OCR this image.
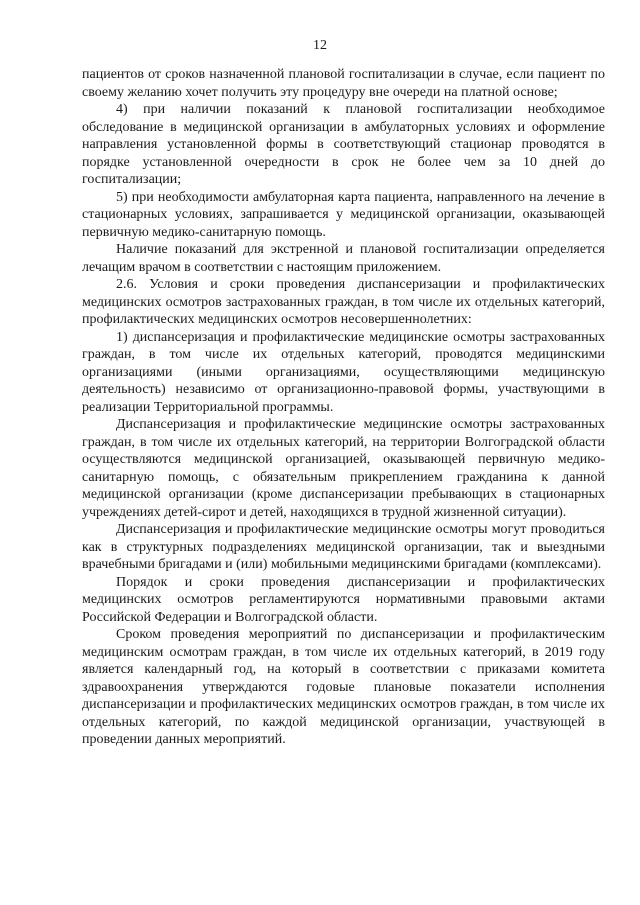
12

пациентов от сроков назначенной плановой госпитализации в случае, если пациент по своему желанию хочет получить эту процедуру вне очереди на платной основе;

4) при наличии показаний к плановой госпитализации необходимое обследование в медицинской организации в амбулаторных условиях и оформление направления установленной формы в соответствующий стационар проводятся в порядке установленной очередности в срок не более чем за 10 дней до госпитализации;

5) при необходимости амбулаторная карта пациента, направленного на лечение в стационарных условиях, запрашивается у медицинской организации, оказывающей первичную медико-санитарную помощь.

Наличие показаний для экстренной и плановой госпитализации определяется лечащим врачом в соответствии с настоящим приложением.

2.6. Условия и сроки проведения диспансеризации и профилактических медицинских осмотров застрахованных граждан, в том числе их отдельных категорий, профилактических медицинских осмотров несовершеннолетних:

1) диспансеризация и профилактические медицинские осмотры застрахованных граждан, в том числе их отдельных категорий, проводятся медицинскими организациями (иными организациями, осуществляющими медицинскую деятельность) независимо от организационно-правовой формы, участвующими в реализации Территориальной программы.

Диспансеризация и профилактические медицинские осмотры застрахованных граждан, в том числе их отдельных категорий, на территории Волгоградской области осуществляются медицинской организацией, оказывающей первичную медико-санитарную помощь, с обязательным прикреплением гражданина к данной медицинской организации (кроме диспансеризации пребывающих в стационарных учреждениях детей-сирот и детей, находящихся в трудной жизненной ситуации).

Диспансеризация и профилактические медицинские осмотры могут проводиться как в структурных подразделениях медицинской организации, так и выездными врачебными бригадами и (или) мобильными медицинскими бригадами (комплексами).

Порядок и сроки проведения диспансеризации и профилактических медицинских осмотров регламентируются нормативными правовыми актами Российской Федерации и Волгоградской области.

Сроком проведения мероприятий по диспансеризации и профилактическим медицинским осмотрам граждан, в том числе их отдельных категорий, в 2019 году является календарный год, на который в соответствии с приказами комитета здравоохранения утверждаются годовые плановые показатели исполнения диспансеризации и профилактических медицинских осмотров граждан, в том числе их отдельных категорий, по каждой медицинской организации, участвующей в проведении данных мероприятий.
